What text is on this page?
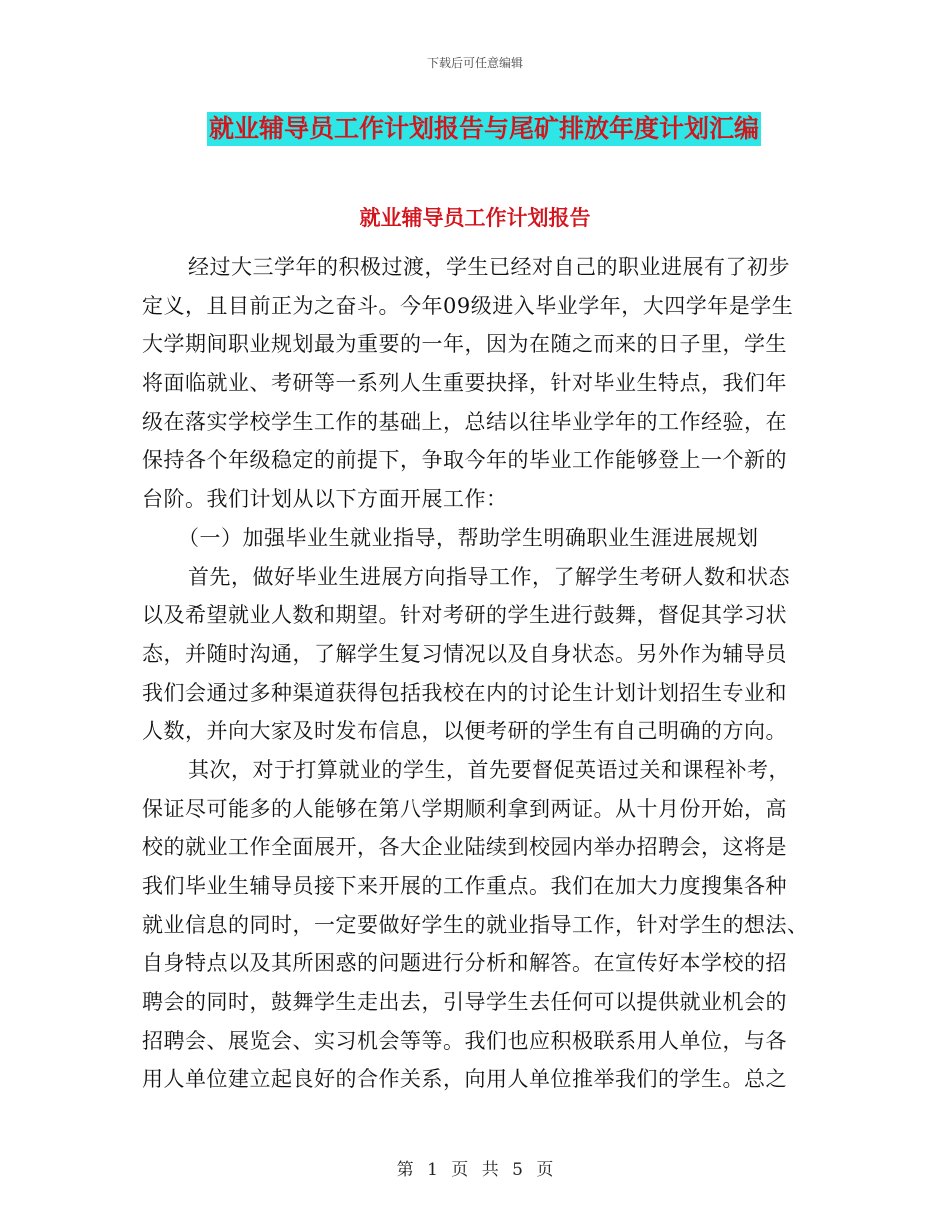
下载后可任意编辑
就业辅导员工作计划报告与尾矿排放年度计划汇编
就业辅导员工作计划报告
经过大三学年的积极过渡，学生已经对自己的职业进展有了初步
定义，且目前正为之奋斗。今年09级进入毕业学年，大四学年是学生
大学期间职业规划最为重要的一年，因为在随之而来的日子里，学生
将面临就业、考研等一系列人生重要抉择，针对毕业生特点，我们年
级在落实学校学生工作的基础上，总结以往毕业学年的工作经验，在
保持各个年级稳定的前提下，争取今年的毕业工作能够登上一个新的
台阶。我们计划从以下方面开展工作：
（一）加强毕业生就业指导，帮助学生明确职业生涯进展规划
首先，做好毕业生进展方向指导工作，了解学生考研人数和状态
以及希望就业人数和期望。针对考研的学生进行鼓舞，督促其学习状
态，并随时沟通，了解学生复习情况以及自身状态。另外作为辅导员
我们会通过多种渠道获得包括我校在内的讨论生计划计划招生专业和
人数，并向大家及时发布信息，以便考研的学生有自己明确的方向。
其次，对于打算就业的学生，首先要督促英语过关和课程补考，
保证尽可能多的人能够在第八学期顺利拿到两证。从十月份开始，高
校的就业工作全面展开，各大企业陆续到校园内举办招聘会，这将是
我们毕业生辅导员接下来开展的工作重点。我们在加大力度搜集各种
就业信息的同时，一定要做好学生的就业指导工作，针对学生的想法、
自身特点以及其所困惑的问题进行分析和解答。在宣传好本学校的招
聘会的同时，鼓舞学生走出去，引导学生去任何可以提供就业机会的
招聘会、展览会、实习机会等等。我们也应积极联系用人单位，与各
用人单位建立起良好的合作关系，向用人单位推举我们的学生。总之
第 1 页 共 5 页
